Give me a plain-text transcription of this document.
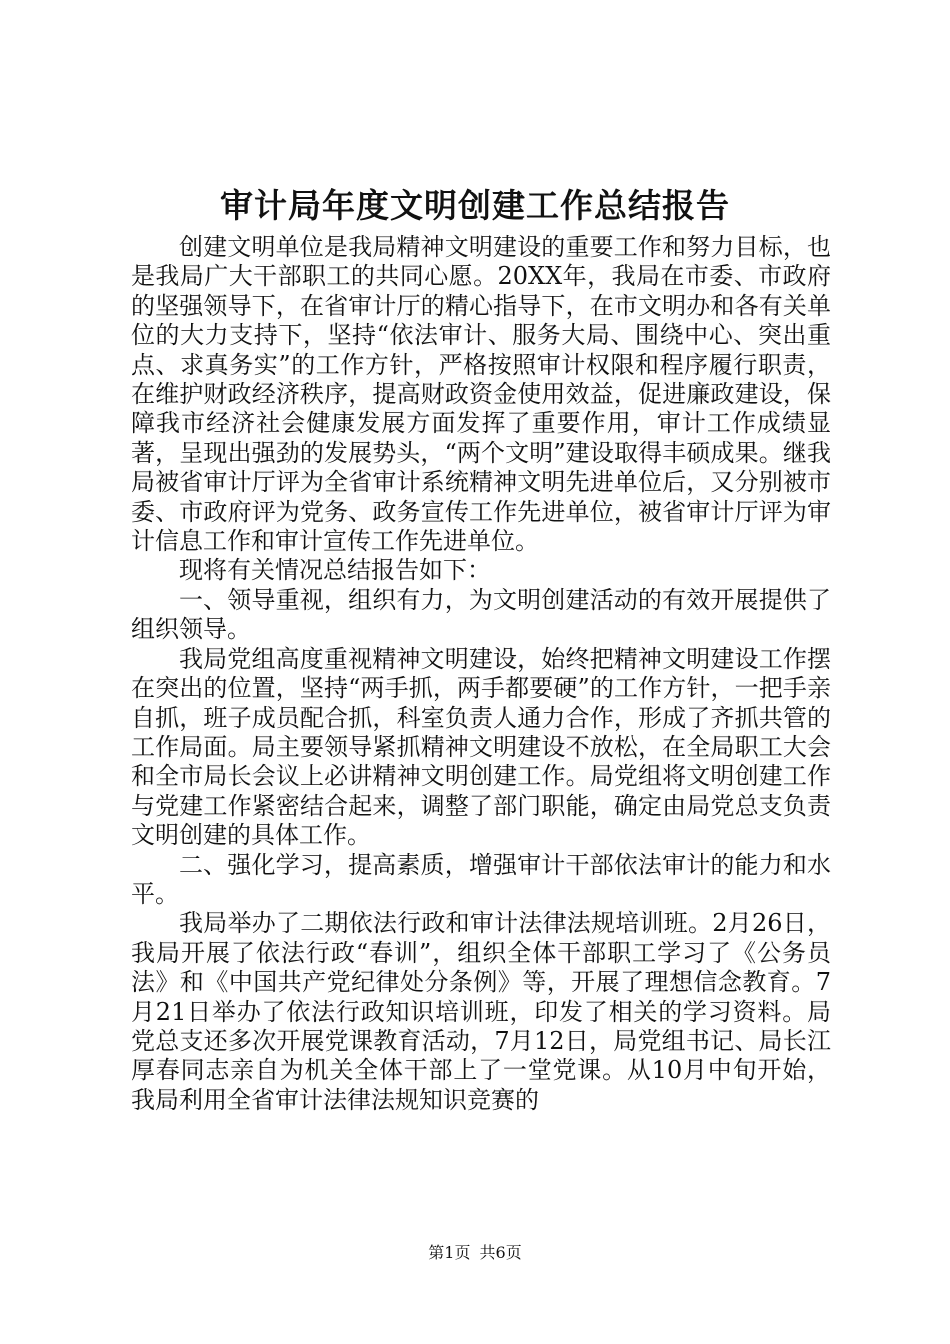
审计局年度文明创建工作总结报告

创建文明单位是我局精神文明建设的重要工作和努力目标，也是我局广大干部职工的共同心愿。20XX年，我局在市委、市政府的坚强领导下，在省审计厅的精心指导下，在市文明办和各有关单位的大力支持下，坚持“依法审计、服务大局、围绕中心、突出重点、求真务实”的工作方针，严格按照审计权限和程序履行职责，在维护财政经济秩序，提高财政资金使用效益，促进廉政建设，保障我市经济社会健康发展方面发挥了重要作用，审计工作成绩显著，呈现出强劲的发展势头，“两个文明”建设取得丰硕成果。继我局被省审计厅评为全省审计系统精神文明先进单位后，又分别被市委、市政府评为党务、政务宣传工作先进单位，被省审计厅评为审计信息工作和审计宣传工作先进单位。

现将有关情况总结报告如下：

一、领导重视，组织有力，为文明创建活动的有效开展提供了组织领导。

我局党组高度重视精神文明建设，始终把精神文明建设工作摆在突出的位置，坚持“两手抓，两手都要硬”的工作方针，一把手亲自抓，班子成员配合抓，科室负责人通力合作，形成了齐抓共管的工作局面。局主要领导紧抓精神文明建设不放松，在全局职工大会和全市局长会议上必讲精神文明创建工作。局党组将文明创建工作与党建工作紧密结合起来，调整了部门职能，确定由局党总支负责文明创建的具体工作。

二、强化学习，提高素质，增强审计干部依法审计的能力和水平。

我局举办了二期依法行政和审计法律法规培训班。2月26日，我局开展了依法行政“春训”，组织全体干部职工学习了《公务员法》和《中国共产党纪律处分条例》等，开展了理想信念教育。7月21日举办了依法行政知识培训班，印发了相关的学习资料。局党总支还多次开展党课教育活动，7月12日，局党组书记、局长江厚春同志亲自为机关全体干部上了一堂党课。从10月中旬开始，我局利用全省审计法律法规知识竞赛的

第1页 共6页
